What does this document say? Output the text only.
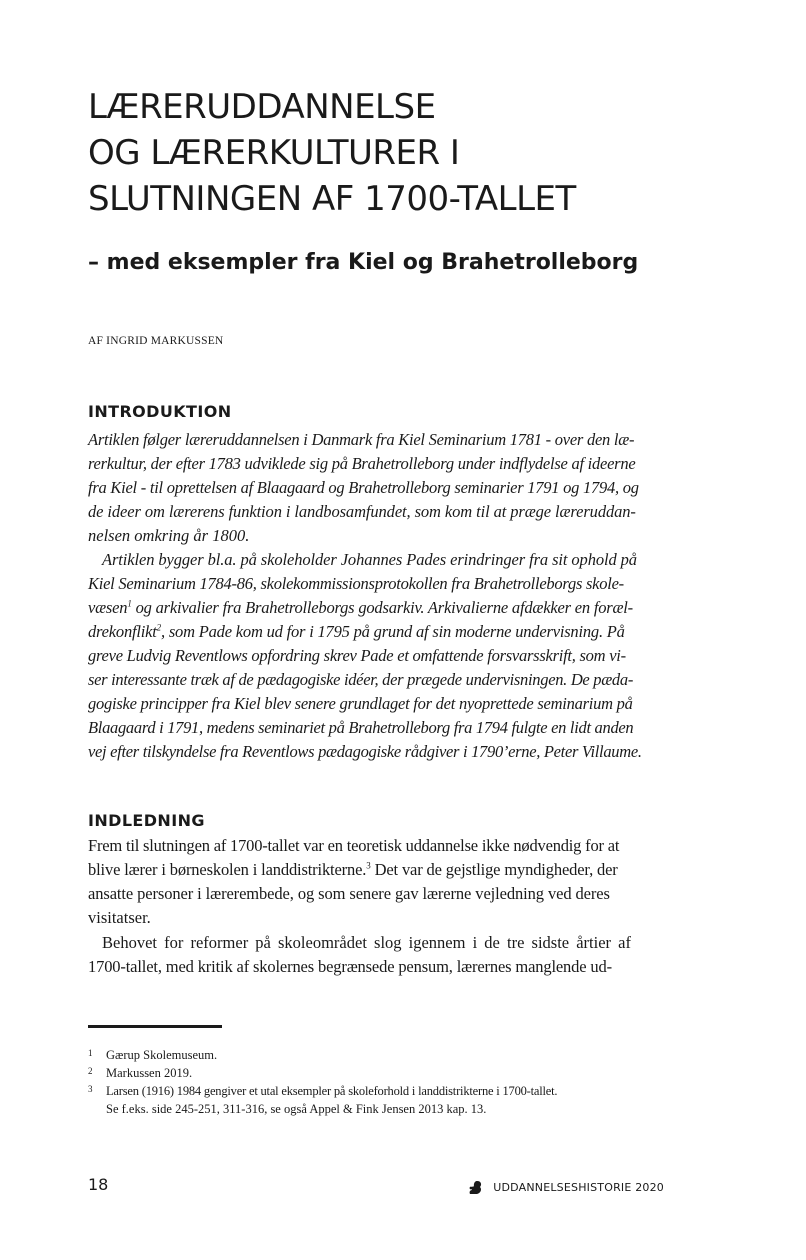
LÆRERUDDANNELSE
OG LÆRERKULTURER I
SLUTNINGEN AF 1700-TALLET
– med eksempler fra Kiel og Brahetrolleborg

AF INGRID MARKUSSEN

INTRODUKTION
Artiklen følger læreruddannelsen i Danmark fra Kiel Seminarium 1781 - over den læ-
rerkultur, der efter 1783 udviklede sig på Brahetrolleborg under indflydelse af ideerne
fra Kiel - til oprettelsen af Blaagaard og Brahetrolleborg seminarier 1791 og 1794, og
de ideer om lærerens funktion i landbosamfundet, som kom til at præge læreruddan-
nelsen omkring år 1800.
Artiklen bygger bl.a. på skoleholder Johannes Pades erindringer fra sit ophold på
Kiel Seminarium 1784-86, skolekommissionsprotokollen fra Brahetrolleborgs skole-
væsen$^1$ og arkivalier fra Brahetrolleborgs godsarkiv. Arkivalierne afdækker en foræl-
drekonflikt$^2$, som Pade kom ud for i 1795 på grund af sin moderne undervisning. På
greve Ludvig Reventlows opfordring skrev Pade et omfattende forsvarsskrift, som vi-
ser interessante træk af de pædagogiske idéer, der prægede undervisningen. De pæda-
gogiske principper fra Kiel blev senere grundlaget for det nyoprettede seminarium på
Blaagaard i 1791, medens seminariet på Brahetrolleborg fra 1794 fulgte en lidt anden
vej efter tilskyndelse fra Reventlows pædagogiske rådgiver i 1790’erne, Peter Villaume.
INDLEDNING
Frem til slutningen af 1700-tallet var en teoretisk uddannelse ikke nødvendig for at
blive lærer i børneskolen i landdistrikterne.$^3$ Det var de gejstlige myndigheder, der
ansatte personer i lærerembede, og som senere gav lærerne vejledning ved deres
visitatser.
Behovet for reformer på skoleområdet slog igennem i de tre sidste årtier af
1700-tallet, med kritik af skolernes begrænsede pensum, lærernes manglende ud-
1	Gærup Skolemuseum.
2	Markussen 2019.
3	Larsen (1916) 1984 gengiver et utal eksempler på skoleforhold i landdistrikterne i 1700-tallet.
Se f.eks. side 245-251, 311-316, se også Appel & Fink Jensen 2013 kap. 13.

18	UDDANNELSESHISTORIE 2020
